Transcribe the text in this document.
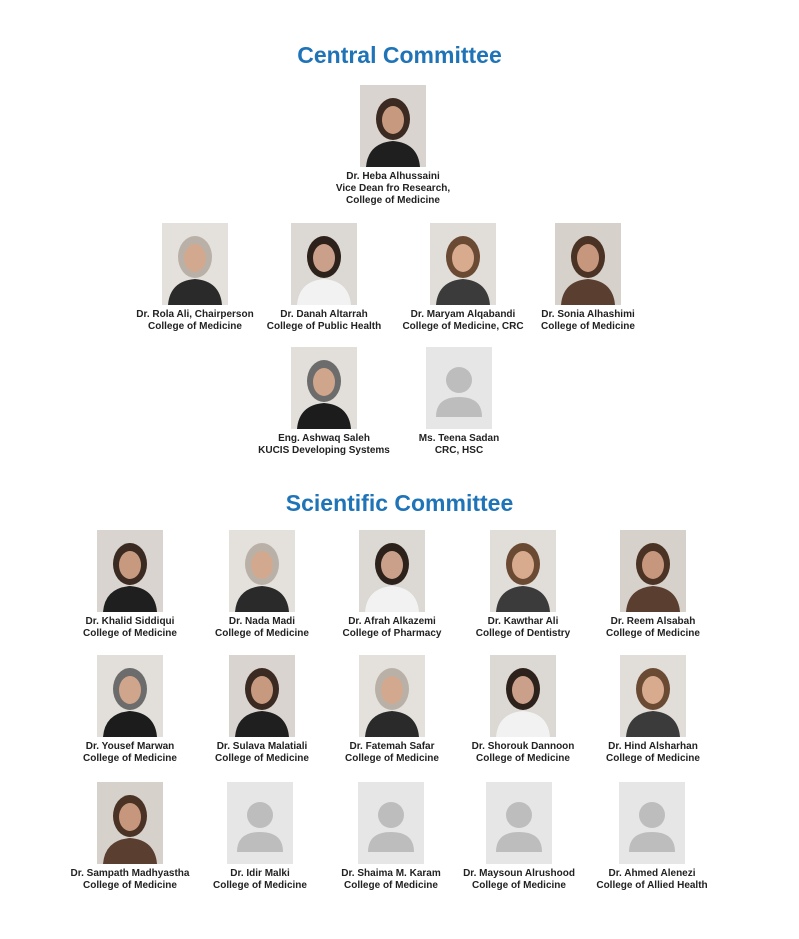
Central Committee
Dr. Heba Alhussaini
Vice Dean fro Research,
College of Medicine
Dr. Rola Ali, Chairperson
College of Medicine
Dr. Danah Altarrah
College of Public Health
Dr. Maryam Alqabandi
College of Medicine, CRC
Dr. Sonia Alhashimi
College of Medicine
Eng. Ashwaq Saleh
KUCIS Developing Systems
Ms. Teena Sadan
CRC, HSC
Scientific Committee
Dr. Khalid Siddiqui
College of Medicine
Dr. Nada Madi
College of Medicine
Dr. Afrah Alkazemi
College of Pharmacy
Dr. Kawthar Ali
College of Dentistry
Dr. Reem Alsabah
College of Medicine
Dr. Yousef Marwan
College of Medicine
Dr. Sulava Malatiali
College of Medicine
Dr. Fatemah Safar
College of Medicine
Dr. Shorouk Dannoon
College of Medicine
Dr. Hind Alsharhan
College of Medicine
Dr. Sampath Madhyastha
College of Medicine
Dr. Idir Malki
College of Medicine
Dr. Shaima M. Karam
College of Medicine
Dr. Maysoun Alrushood
College of Medicine
Dr. Ahmed Alenezi
College of Allied Health
